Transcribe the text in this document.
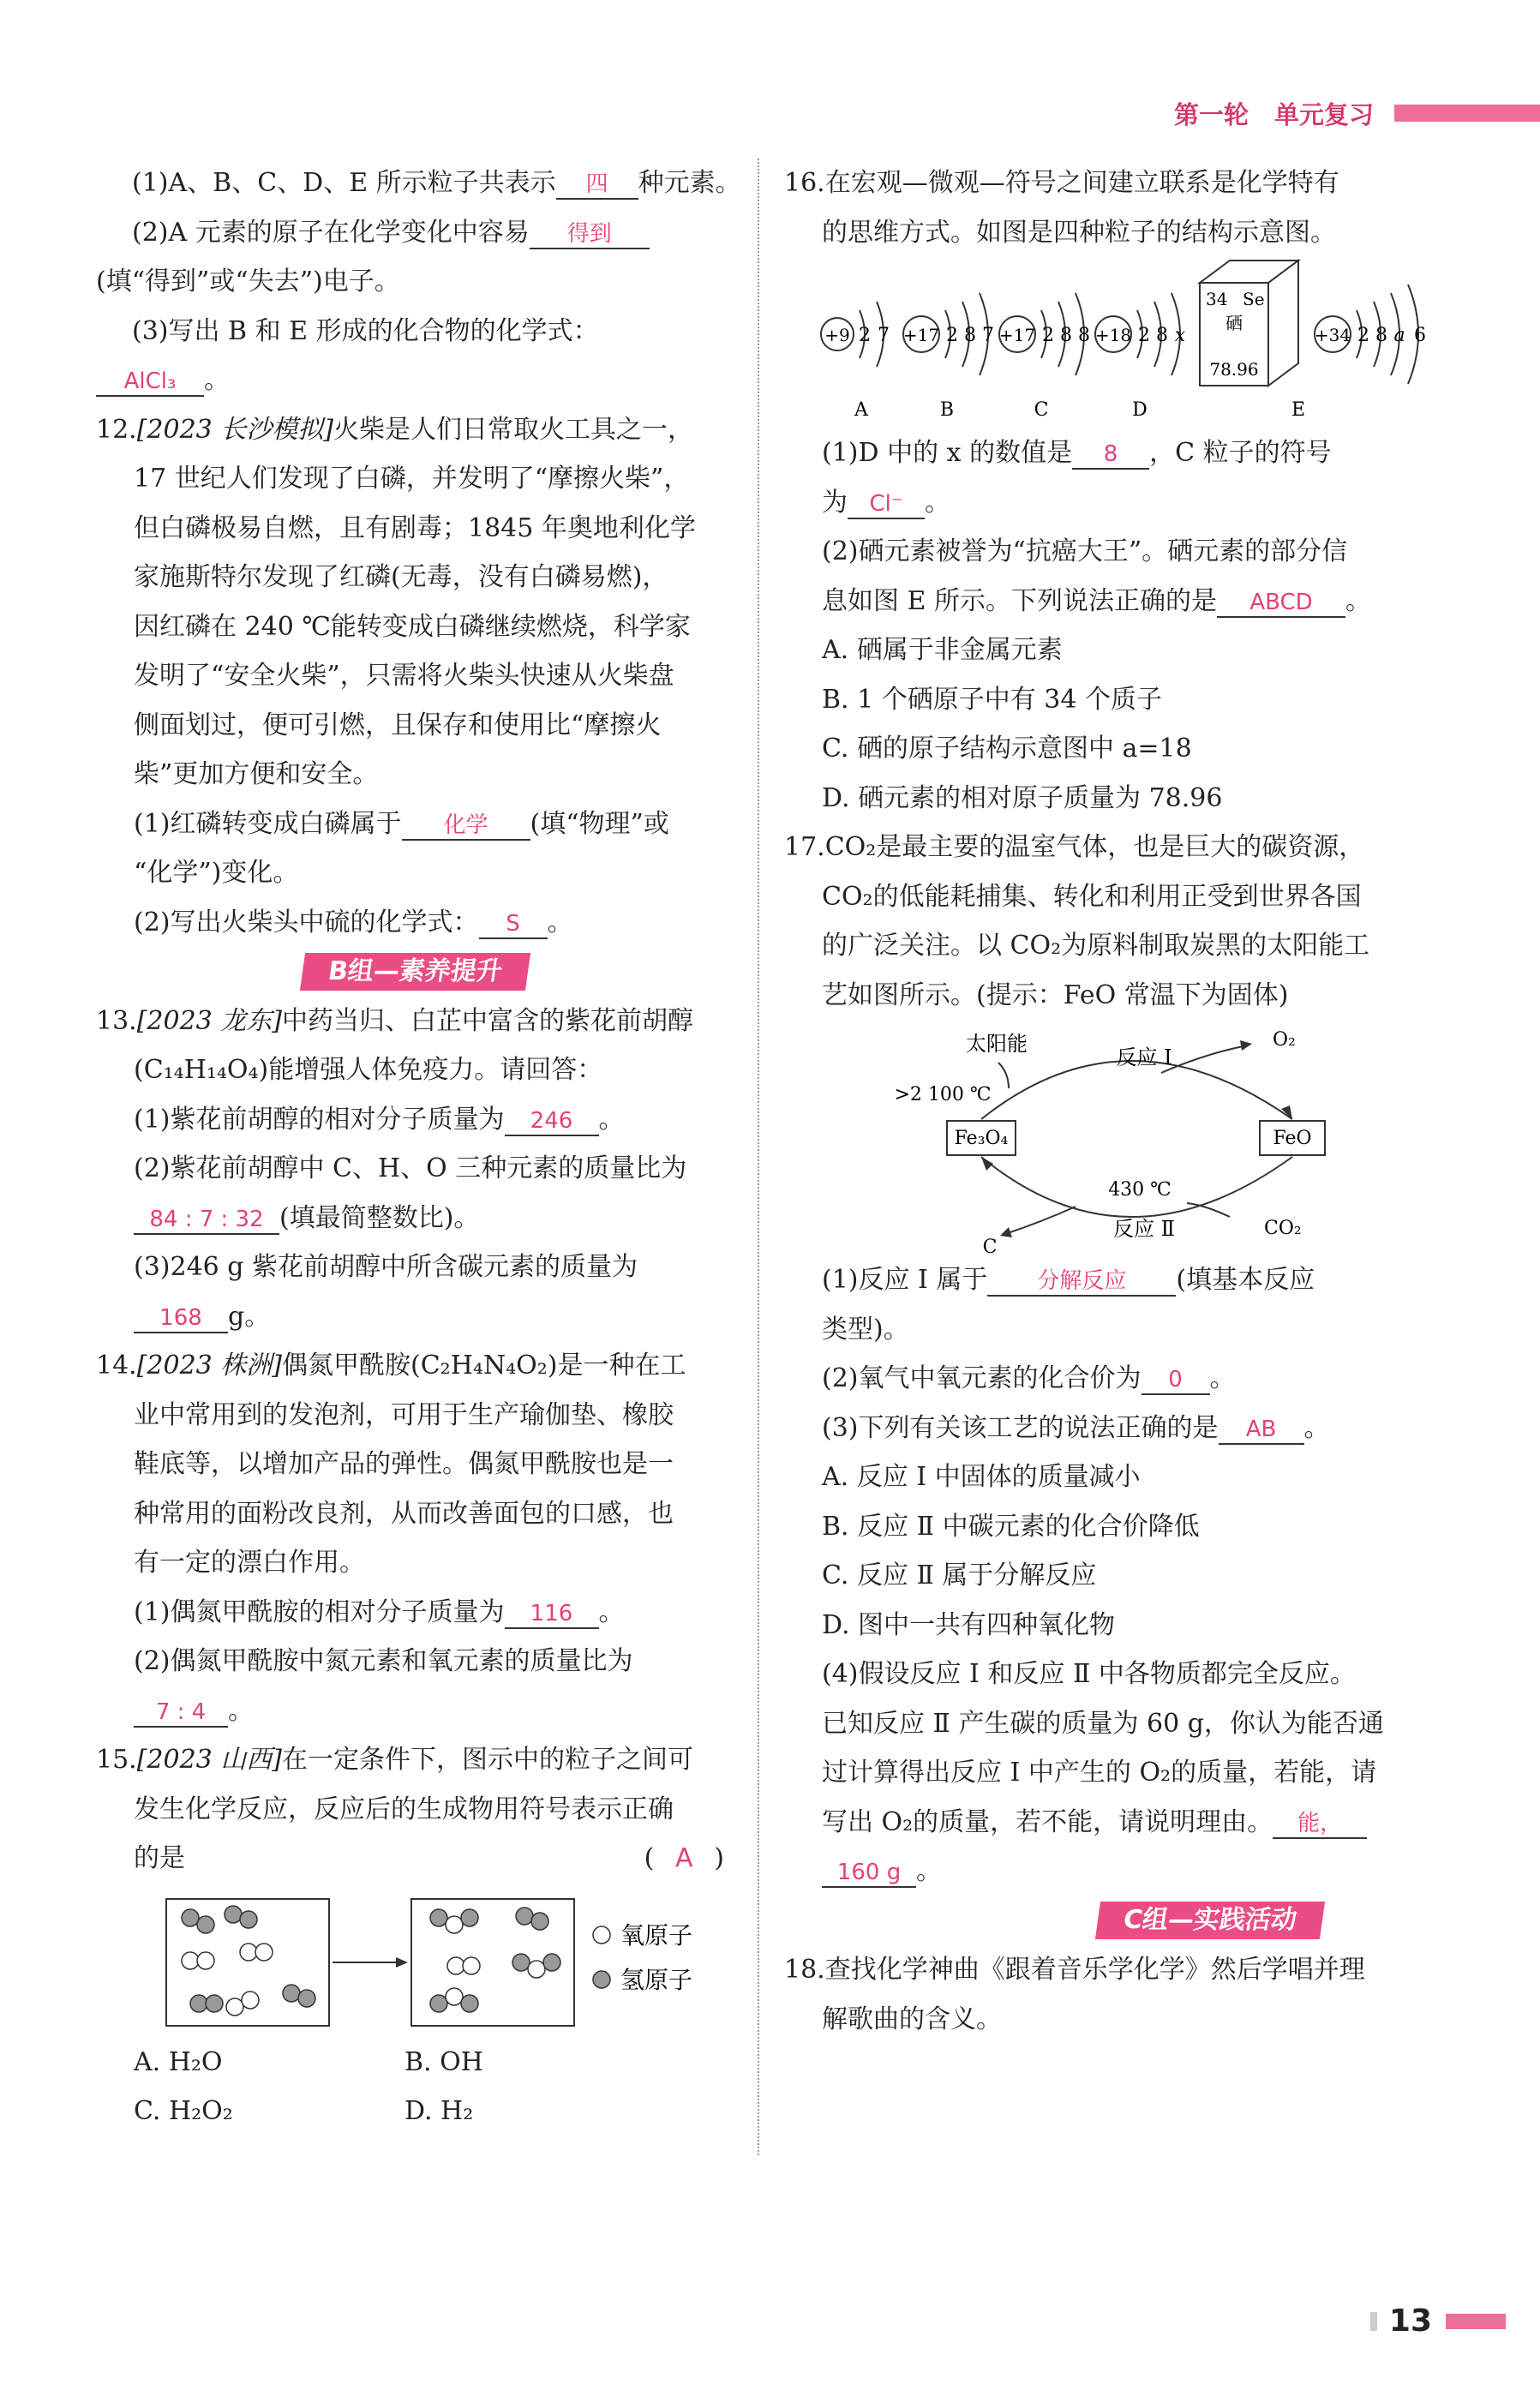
第一轮 单元复习
(1)A、B、C、D、E 所示粒子共表示 四 种元素。
(2)A 元素的原子在化学变化中容易 得到
(填“得到”或“失去”)电子。
(3)写出 B 和 E 形成的化合物的化学式：
AlCl₃ 。
12.[2023 长沙模拟]火柴是人们日常取火工具之一，
17 世纪人们发现了白磷，并发明了“摩擦火柴”，
但白磷极易自燃，且有剧毒；1845 年奥地利化学
家施斯特尔发现了红磷(无毒，没有白磷易燃)，
因红磷在 240 ℃能转变成白磷继续燃烧，科学家
发明了“安全火柴”，只需将火柴头快速从火柴盘
侧面划过，便可引燃，且保存和使用比“摩擦火
柴”更加方便和安全。
(1)红磷转变成白磷属于 化学 (填“物理”或
“化学”)变化。
(2)写出火柴头中硫的化学式： S 。
B组—素养提升
13.[2023 龙东]中药当归、白芷中富含的紫花前胡醇
(C₁₄H₁₄O₄)能增强人体免疫力。请回答：
(1)紫花前胡醇的相对分子质量为 246 。
(2)紫花前胡醇中 C、H、O 三种元素的质量比为
84 : 7 : 32 (填最简整数比)。
(3)246 g 紫花前胡醇中所含碳元素的质量为
168 g。
14.[2023 株洲]偶氮甲酰胺(C₂H₄N₄O₂)是一种在工
业中常用到的发泡剂，可用于生产瑜伽垫、橡胶
鞋底等，以增加产品的弹性。偶氮甲酰胺也是一
种常用的面粉改良剂，从而改善面包的口感，也
有一定的漂白作用。
(1)偶氮甲酰胺的相对分子质量为 116 。
(2)偶氮甲酰胺中氮元素和氧元素的质量比为
7 : 4 。
15.[2023 山西]在一定条件下，图示中的粒子之间可
发生化学反应，反应后的生成物用符号表示正确
的是	( A )
氧原子
氢原子
A. H₂O	B. OH
C. H₂O₂	D. H₂
16.在宏观—微观—符号之间建立联系是化学特有
的思维方式。如图是四种粒子的结构示意图。
+9 2 7
A
+17 2 8 7
B
+17 2 8 8
C
+18 2 8 x
D
34 Se
硒
78.96
+34 2 8 a 6
E
(1)D 中的 x 的数值是 8 ，C 粒子的符号
为 Cl⁻ 。
(2)硒元素被誉为“抗癌大王”。硒元素的部分信
息如图 E 所示。下列说法正确的是 ABCD 。
A. 硒属于非金属元素
B. 1 个硒原子中有 34 个质子
C. 硒的原子结构示意图中 a=18
D. 硒元素的相对原子质量为 78.96
17.CO₂是最主要的温室气体，也是巨大的碳资源，
CO₂的低能耗捕集、转化和利用正受到世界各国
的广泛关注。以 CO₂为原料制取炭黑的太阳能工
艺如图所示。(提示：FeO 常温下为固体)
Fe₃O₄	FeO
太阳能
>2 100 ℃
反应 Ⅰ
O₂
430 ℃
反应 Ⅱ
C
CO₂
(1)反应 Ⅰ 属于 分解反应 (填基本反应
类型)。
(2)氧气中氧元素的化合价为 0 。
(3)下列有关该工艺的说法正确的是 AB 。
A. 反应 Ⅰ 中固体的质量减小
B. 反应 Ⅱ 中碳元素的化合价降低
C. 反应 Ⅱ 属于分解反应
D. 图中一共有四种氧化物
(4)假设反应 Ⅰ 和反应 Ⅱ 中各物质都完全反应。
已知反应 Ⅱ 产生碳的质量为 60 g，你认为能否通
过计算得出反应 Ⅰ 中产生的 O₂的质量，若能，请
写出 O₂的质量，若不能，请说明理由。 能，
160 g 。
C组—实践活动
18.查找化学神曲《跟着音乐学化学》然后学唱并理
解歌曲的含义。
13
